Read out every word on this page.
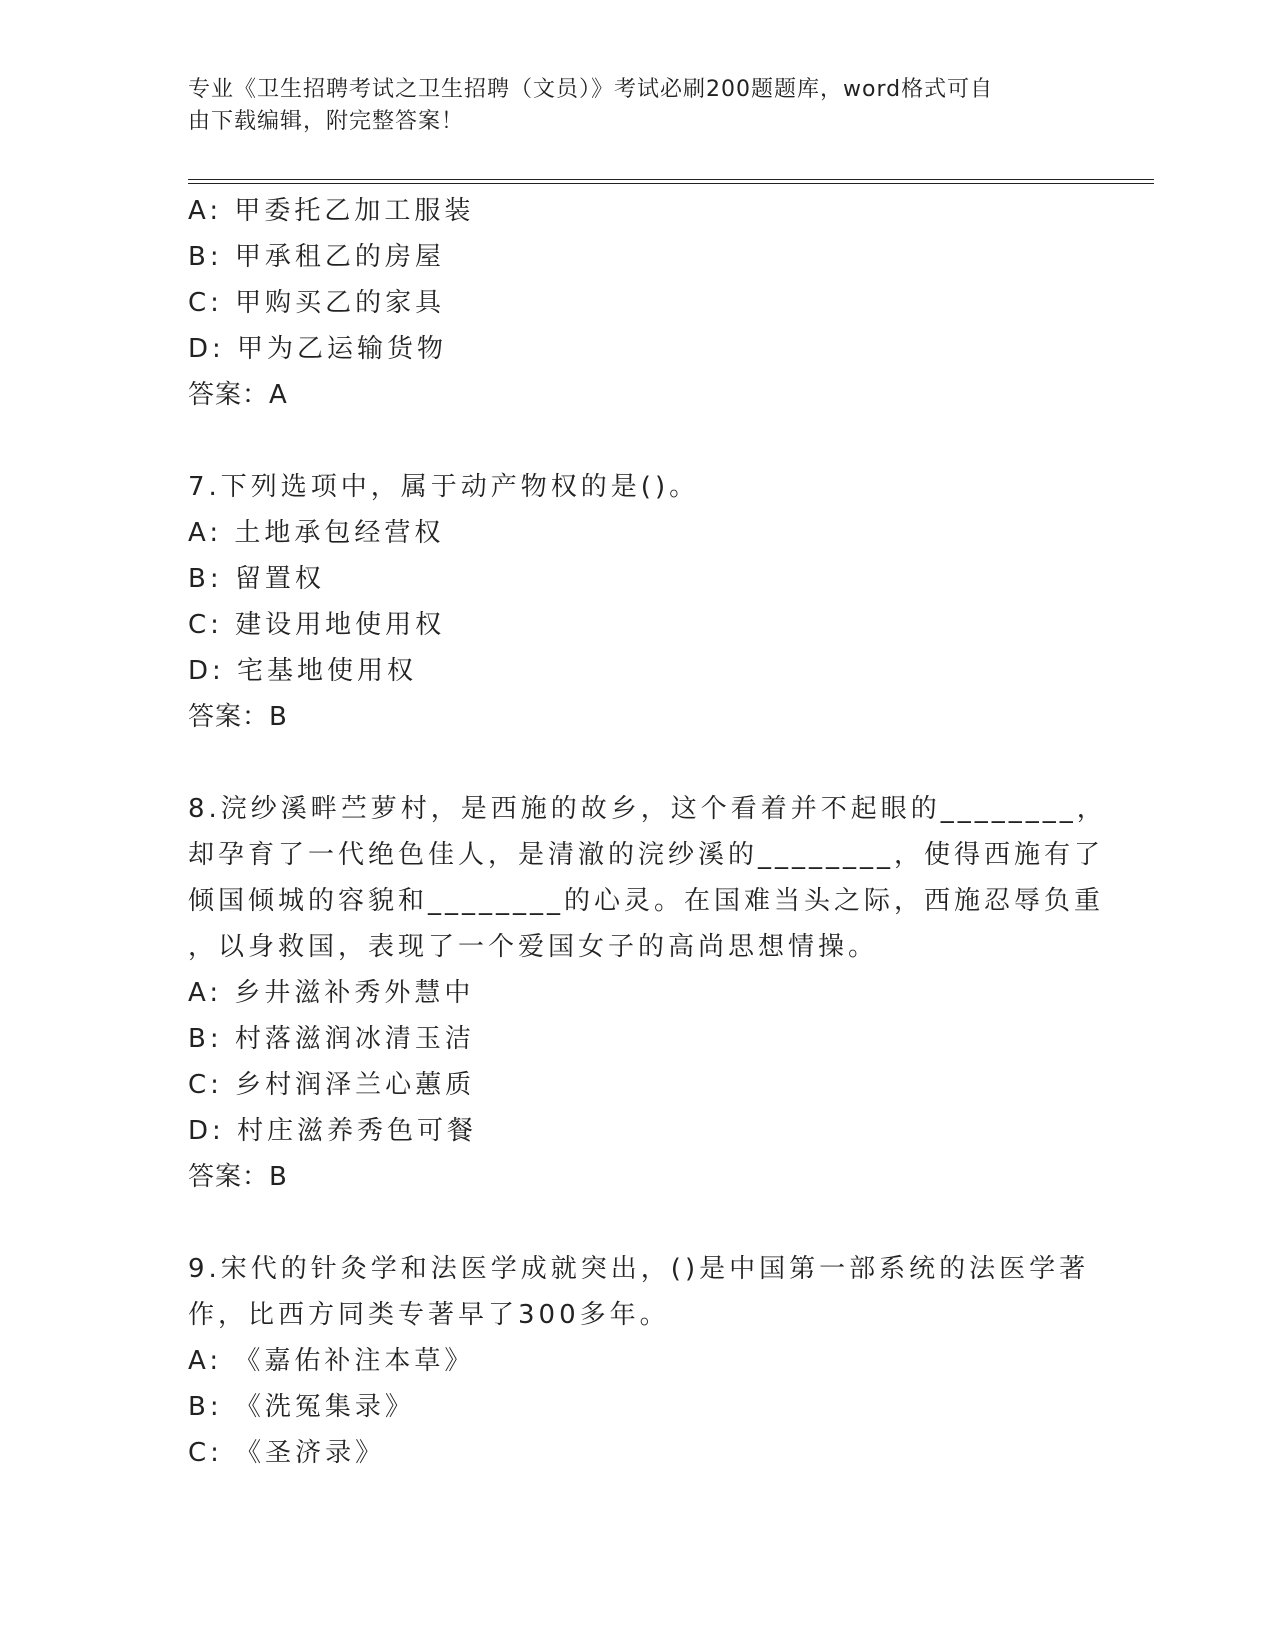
专业《卫生招聘考试之卫生招聘（文员）》考试必刷200题题库，word格式可自
由下载编辑，附完整答案！
A: 甲委托乙加工服装
B: 甲承租乙的房屋
C: 甲购买乙的家具
D: 甲为乙运输货物
答案：A
7.下列选项中，属于动产物权的是()。
A: 土地承包经营权
B: 留置权
C: 建设用地使用权
D: 宅基地使用权
答案：B
8.浣纱溪畔苎萝村，是西施的故乡，这个看着并不起眼的________，
却孕育了一代绝色佳人，是清澈的浣纱溪的________，使得西施有了
倾国倾城的容貌和________的心灵。在国难当头之际，西施忍辱负重
，以身救国，表现了一个爱国女子的高尚思想情操。
A: 乡井滋补秀外慧中
B: 村落滋润冰清玉洁
C: 乡村润泽兰心蕙质
D: 村庄滋养秀色可餐
答案：B
9.宋代的针灸学和法医学成就突出，()是中国第一部系统的法医学著
作，比西方同类专著早了300多年。
A: 《嘉佑补注本草》
B: 《洗冤集录》
C: 《圣济录》
